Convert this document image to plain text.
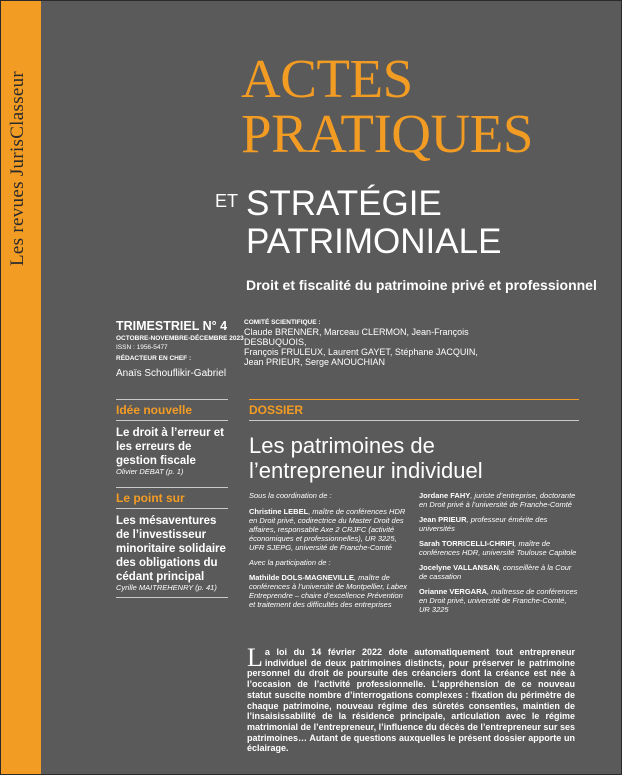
Les revues JurisClasseur	ACTES
PRATIQUES
ET STRATÉGIE
PATRIMONIALE
Droit et fiscalité du patrimoine privé et professionnel
TRIMESTRIEL N° 4
OCTOBRE-NOVEMBRE-DÉCEMBRE 2023
ISSN : 1956-5477
RÉDACTEUR EN CHEF :
Anaïs Schouflikir-Gabriel
COMITÉ SCIENTIFIQUE :
Claude BRENNER, Marceau CLERMON, Jean-François DESBUQUOIS,
François FRULEUX, Laurent GAYET, Stéphane JACQUIN,
Jean PRIEUR, Serge ANOUCHIAN
Idée nouvelle
Le droit à l’erreur et les erreurs de gestion fiscale
Olivier DEBAT (p. 1)
Le point sur
Les mésaventures de l’investisseur minoritaire solidaire des obligations du cédant principal
Cyrille MAITREHENRY (p. 41)
DOSSIER
Les patrimoines de
l’entrepreneur individuel
Sous la coordination de :
Christine LEBEL, maître de conférences HDR en Droit privé, codirectrice du Master Droit des affaires, responsable Axe 2 CRJFC (activité économiques et professionnelles), UR 3225, UFR SJEPG, université de Franche-Comté
Avec la participation de :
Mathilde DOLS-MAGNEVILLE, maître de conférences à l’université de Montpellier, Labex Entreprendre – chaire d’excellence Prévention et traitement des difficultés des entreprises
Jordane FAHY, juriste d’entreprise, doctorante en Droit privé à l’université de Franche-Comté
Jean PRIEUR, professeur émérite des universités
Sarah TORRICELLI-CHRIFI, maître de conférences HDR, université Toulouse Capitole
Jocelyne VALLANSAN, conseillère à la Cour de cassation
Orianne VERGARA, maîtresse de conférences en Droit privé, université de Franche-Comté, UR 3225
La loi du 14 février 2022 dote automatiquement tout entrepreneur individuel de deux patrimoines distincts, pour préserver le patrimoine personnel du droit de poursuite des créanciers dont la créance est née à l’occasion de l’activité professionnelle. L’appréhension de ce nouveau statut suscite nombre d’interrogations complexes : fixation du périmètre de chaque patrimoine, nouveau régime des sûretés consenties, maintien de l’insaisissabilité de la résidence principale, articulation avec le régime matrimonial de l’entrepreneur, l’influence du décès de l’entrepreneur sur ses patrimoines… Autant de questions auxquelles le présent dossier apporte un éclairage.
